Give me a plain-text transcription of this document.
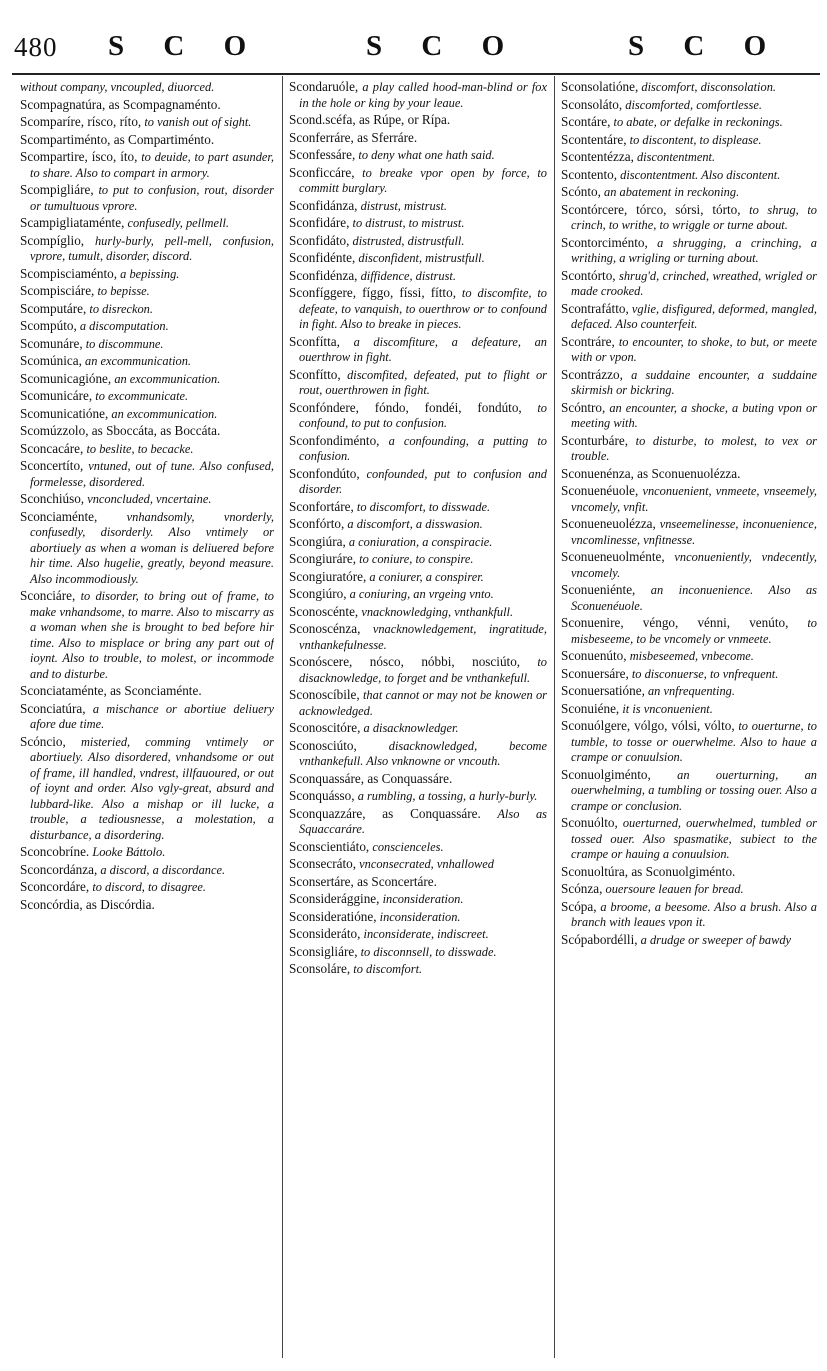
480 S C O	S C O	S C O

without company, vncoupled, diuorced.

Scompagnatúra, as Scompagnaménto.

Scomparíre, rísco, ríto, to vanish out of sight.

Scompartiménto, as Compartiménto.

Scompartire, ísco, íto, to deuide, to part asunder, to share. Also to compart in armory.

Scompigliáre, to put to confusion, rout, disorder or tumultuous vprore.

Scampigliataménte, confusedly, pellmell.

Scompíglio, hurly-burly, pell-mell, confusion, vprore, tumult, disorder, discord.

Scompisciaménto, a bepissing.

Scompisciáre, to bepisse.

Scomputáre, to disreckon.

Scompúto, a discomputation.

Scomunáre, to discommune.

Scomúnica, an excommunication.

Scomunicagióne, an excommunication.

Scomunicáre, to excommunicate.

Scomunicatióne, an excommunication.

Scomúzzolo, as Sboccáta, as Boccáta.

Sconcacáre, to beslite, to becacke.

Sconcertíto, vntuned, out of tune. Also confused, formelesse, disordered.

Sconchiúso, vnconcluded, vncertaine.

Sconciaménte, vnhandsomly, vnorderly, confusedly, disorderly. Also vntimely or abortiuely as when a woman is deliuered before hir time. Also hugelie, greatly, beyond measure. Also incommodiously.

Sconciáre, to disorder, to bring out of frame, to make vnhandsome, to marre. Also to miscarry as a woman when she is brought to bed before hir time. Also to misplace or bring any part out of ioynt. Also to trouble, to molest, or incommode and to disturbe.

Sconciataménte, as Sconciaménte.

Sconciatúra, a mischance or abortiue deliuery afore due time.

Scóncio, misteried, comming vntimely or abortiuely. Also disordered, vnhandsome or out of frame, ill handled, vndrest, illfauoured, or out of ioynt and order. Also vgly-great, absurd and lubbard-like. Also a mishap or ill lucke, a trouble, a tediousnesse, a molestation, a disturbance, a disordering.

Sconcobríne. Looke Báttolo.

Sconcordánza, a discord, a discordance.

Sconcordáre, to discord, to disagree.

Sconcórdia, as Discórdia.

Scondaruóle, a play called hood-man-blind or fox in the hole or king by your leaue.

Scond.scéfa, as Rúpe, or Rípa.

Sconferráre, as Sferráre.

Sconfessáre, to deny what one hath said.

Sconficcáre, to breake vpor open by force, to committ burglary.

Sconfidánza, distrust, mistrust.

Sconfidáre, to distrust, to mistrust.

Sconfidáto, distrusted, distrustfull.

Sconfidénte, disconfident, mistrustfull.

Sconfidénza, diffidence, distrust.

Sconfíggere, fíggo, físsi, fítto, to discomfite, to defeate, to vanquish, to ouerthrow or to confound in fight. Also to breake in pieces.

Sconfítta, a discomfiture, a defeature, an ouerthrow in fight.

Sconfítto, discomfited, defeated, put to flight or rout, ouerthrowen in fight.

Sconfóndere, fóndo, fondéi, fondúto, to confound, to put to confusion.

Sconfondiménto, a confounding, a putting to confusion.

Sconfondúto, confounded, put to confusion and disorder.

Sconfortáre, to discomfort, to disswade.

Sconfórto, a discomfort, a disswasion.

Scongiúra, a coniuration, a conspiracie.

Scongiuráre, to coniure, to conspire.

Scongiuratóre, a coniurer, a conspirer.

Scongiúro, a coniuring, an vrgeing vnto.

Sconoscénte, vnacknowledging, vnthankfull.

Sconoscénza, vnacknowledgement, ingratitude, vnthankefulnesse.

Sconóscere, nósco, nóbbi, nosciúto, to disacknowledge, to forget and be vnthankefull.

Sconoscíbile, that cannot or may not be knowen or acknowledged.

Sconoscitóre, a disacknowledger.

Sconosciúto,	disacknowledged, become vnthankefull. Also vnknowne or vncouth.

Sconquassáre, as Conquassáre.

Sconquásso, a rumbling, a tossing, a hurly-burly.

Sconquazzáre, as Conquassáre. Also as Squaccaráre.

Sconscientiáto, conscienceles.

Sconsecráto, vnconsecrated, vnhallowed

Sconsertáre, as Sconcertáre.

Sconsiderággine, inconsideration.

Sconsideratióne, inconsideration.

Sconsideráto, inconsiderate, indiscreet.

Sconsigliáre, to disconnsell, to disswade.

Sconsoláre, to discomfort.

Sconsolatióne, discomfort, disconsolation.

Sconsoláto, discomforted, comfortlesse.

Scontáre, to abate, or defalke in reckonings.

Scontentáre, to discontent, to displease.

Scontentézza, discontentment.

Scontento, discontentment. Also discontent.

Scónto, an abatement in reckoning.

Scontórcere, tórco, sórsi, tórto, to shrug, to crinch, to writhe, to wriggle or turne about.

Scontorciménto, a shrugging, a crinching, a writhing, a wrigling or turning about.

Scontórto, shrug'd, crinched, wreathed, wrigled or made crooked.

Scontrafátto, vglie, disfigured, deformed, mangled, defaced. Also counterfeit.

Scontráre, to encounter, to shoke, to but, or meete with or vpon.

Scontrázzo, a suddaine encounter, a suddaine skirmish or bickring.

Scóntro, an encounter, a shocke, a buting vpon or meeting with.

Sconturbáre, to disturbe, to molest, to vex or trouble.

Sconuenénza, as Sconuenuolézza.

Sconuenéuole, vnconuenient, vnmeete, vnseemely, vncomely, vnfit.

Sconueneuolézza, vnseemelinesse, inconuenience, vncomlinesse, vnfitnesse.

Sconueneuolménte, vnconueniently, vndecently, vncomely.

Sconueniénte, an inconuenience. Also as Sconuenéuole.

Sconuenire, véngo, vénni, venúto, to misbeseeme, to be vncomely or vnmeete.

Sconuenúto, misbeseemed, vnbecome.

Sconuersáre, to disconuerse, to vnfrequent.

Sconuersatióne, an vnfrequenting.

Sconuiéne, it is vnconuenient.

Sconuólgere, vólgo, vólsi, vólto, to ouerturne, to tumble, to tosse or ouerwhelme. Also to haue a crampe or conuulsion.

Sconuolgiménto, an ouerturning, an ouerwhelming, a tumbling or tossing ouer. Also a crampe or conclusion.

Sconuólto, ouerturned, ouerwhelmed, tumbled or tossed ouer. Also spasmatike, subiect to the crampe or hauing a conuulsion.

Sconuoltúra, as Sconuolgiménto.

Scónza, ouersoure leauen for bread.

Scópa, a broome, a beesome. Also a brush. Also a branch with leaues vpon it.

Scópabordélli, a drudge or sweeper of bawdy
